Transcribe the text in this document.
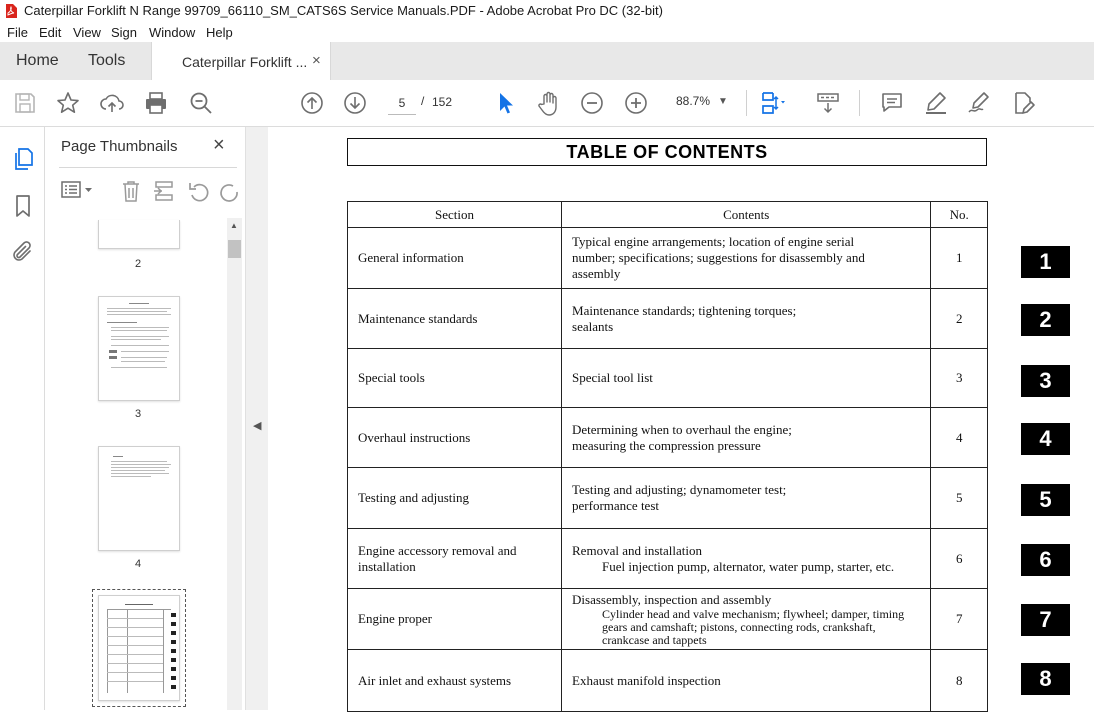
Caterpillar Forklift N Range 99709_66110_SM_CATS6S Service Manuals.PDF - Adobe Acrobat Pro DC (32-bit)
File Edit View Sign Window Help
Home Tools	Caterpillar Forklift ... ×
5	/ 152	88.7% ▼
Page Thumbnails ×
2
3
4
▲
◀
TABLE OF CONTENTS
Section	Contents	No.
General information	Typical engine arrangements; location of engine serial
number; specifications; suggestions for disassembly and
assembly	1
Maintenance standards	Maintenance standards; tightening torques;
sealants	2
Special tools	Special tool list	3
Overhaul instructions	Determining when to overhaul the engine;
measuring the compression pressure	4
Testing and adjusting	Testing and adjusting; dynamometer test;
performance test	5
Engine accessory removal and installation	Removal and installation
Fuel injection pump, alternator, water pump, starter, etc.	6
Engine proper	Disassembly, inspection and assembly
Cylinder head and valve mechanism; flywheel; damper, timing gears and camshaft; pistons, connecting rods, crankshaft, crankcase and tappets	7
Air inlet and exhaust systems	Exhaust manifold inspection	8
1
2
3
4
5
6
7
8
